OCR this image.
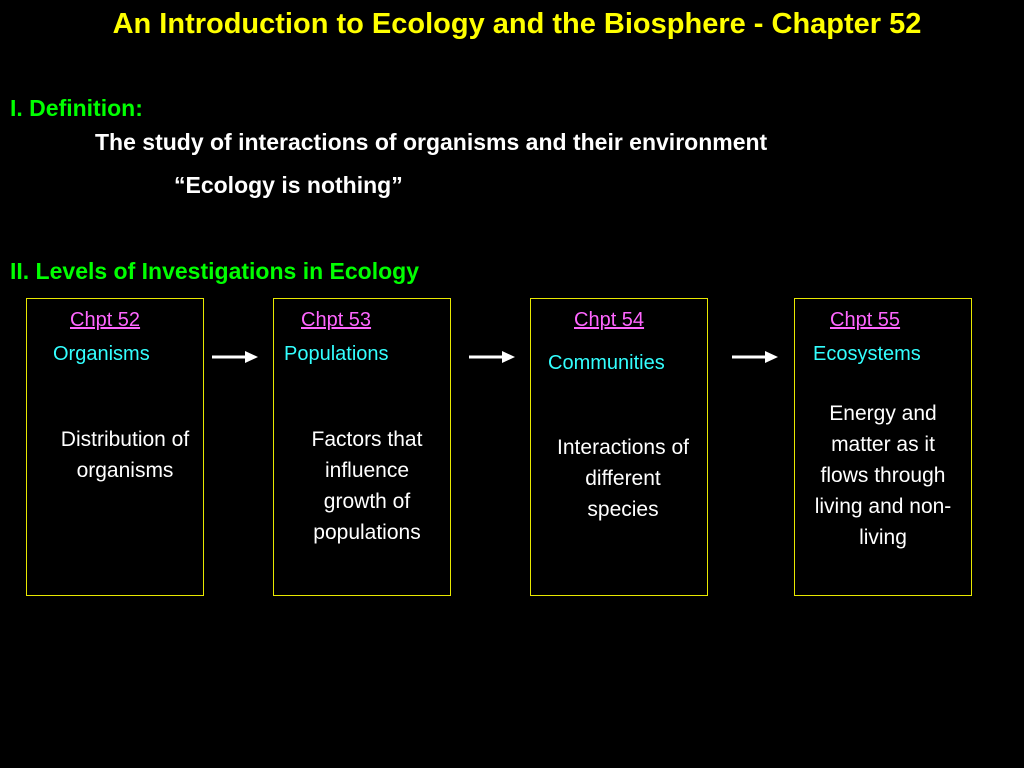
An Introduction to Ecology and the Biosphere - Chapter 52
I. Definition:
The study of interactions of organisms and their environment
“Ecology is nothing”
II. Levels of Investigations in Ecology
Chpt 52
Organisms
Distribution of organisms
Chpt 53
Populations
Factors that influence growth of populations
Chpt 54
Communities
Interactions of different species
Chpt 55
Ecosystems
Energy and matter as it flows through living and non-living
